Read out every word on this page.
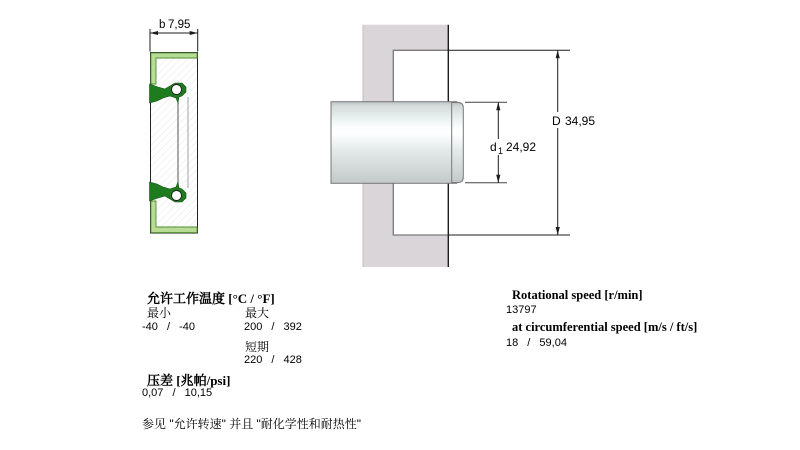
b 7,95
d1 24,92
D 34,95
允许工作温度 [°C / °F]
最小	最大
-40 / -40	200 / 392
短期
220 / 428
压差 [兆帕/psi]
0,07 / 10,15
参见 "允许转速" 并且 "耐化学性和耐热性"
Rotational speed [r/min]
13797
at circumferential speed [m/s / ft/s]
18 / 59,04
